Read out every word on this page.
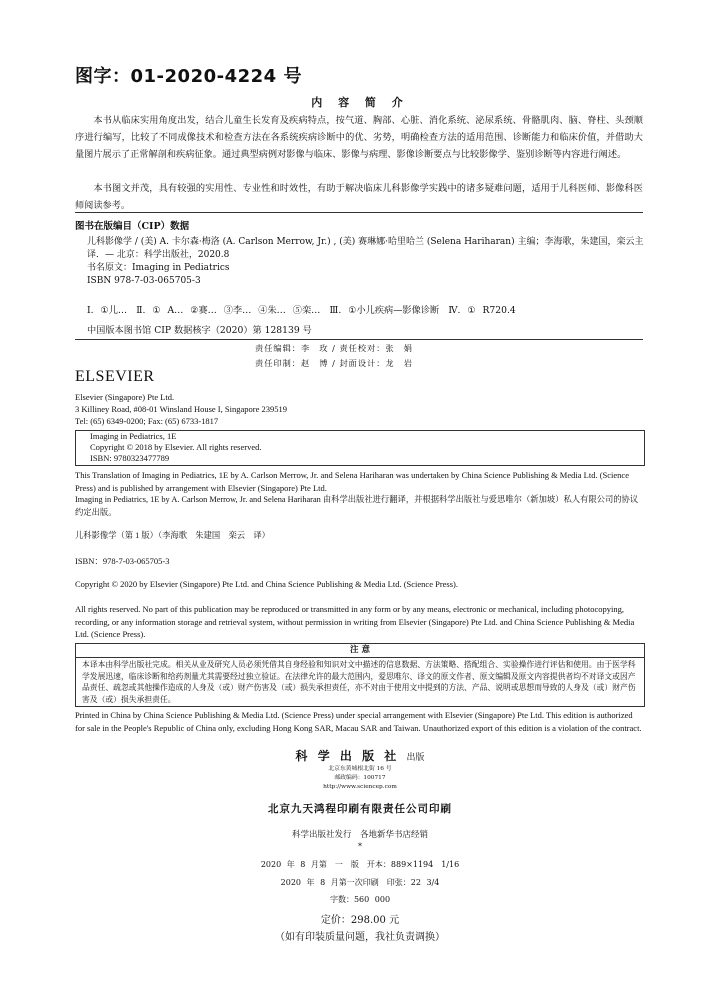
图字：01-2020-4224 号
内 容 简 介
本书从临床实用角度出发，结合儿童生长发育及疾病特点，按气道、胸部、心脏、消化系统、泌尿系统、骨骼肌肉、脑、脊柱、头颈顺序进行编写，比较了不同成像技术和检查方法在各系统疾病诊断中的优、劣势，明确检查方法的适用范围、诊断能力和临床价值，并借助大量图片展示了正常解剖和疾病征象。通过典型病例对影像与临床、影像与病理、影像诊断要点与比较影像学、鉴别诊断等内容进行阐述。
本书图文并茂，具有较强的实用性、专业性和时效性，有助于解决临床儿科影像学实践中的诸多疑难问题，适用于儿科医师、影像科医师阅读参考。
图书在版编目（CIP）数据
儿科影像学 / (美) A. 卡尔森·梅洛 (A. Carlson Merrow, Jr.) , (美) 赛琳娜·哈里哈兰 (Selena Hariharan) 主编；李海歌，朱建国，栾云主译．— 北京：科学出版社，2020.8
书名原文：Imaging in Pediatrics
ISBN 978-7-03-065705-3
Ⅰ. ①儿…　Ⅱ. ① A… ②赛… ③李… ④朱… ⑤栾…　Ⅲ. ①小儿疾病—影像诊断　Ⅳ. ① R720.4
中国版本图书馆 CIP 数据核字（2020）第 128139 号
责任编辑：李　玫 / 责任校对：张　娟
责任印制：赵　博 / 封面设计：龙　岩
ELSEVIER
Elsevier (Singapore) Pte Ltd.
3 Killiney Road, #08-01 Winsland House I, Singapore 239519
Tel: (65) 6349-0200; Fax: (65) 6733-1817
Imaging in Pediatrics, 1E
Copyright © 2018 by Elsevier. All rights reserved.
ISBN: 9780323477789
This Translation of Imaging in Pediatrics, 1E by A. Carlson Merrow, Jr. and Selena Hariharan was undertaken by China Science Publishing & Media Ltd. (Science Press) and is published by arrangement with Elsevier (Singapore) Pte Ltd.
Imaging in Pediatrics, 1E by A. Carlson Merrow, Jr. and Selena Hariharan 由科学出版社进行翻译，并根据科学出版社与爱思唯尔（新加坡）私人有限公司的协议约定出版。
儿科影像学（第 1 版）（李海歌　朱建国　栾云　译）
ISBN：978-7-03-065705-3
Copyright © 2020 by Elsevier (Singapore) Pte Ltd. and China Science Publishing & Media Ltd. (Science Press).
All rights reserved. No part of this publication may be reproduced or transmitted in any form or by any means, electronic or mechanical, including photocopying, recording, or any information storage and retrieval system, without permission in writing from Elsevier (Singapore) Pte Ltd. and China Science Publishing & Media Ltd. (Science Press).
注 意
本译本由科学出版社完成。相关从业及研究人员必须凭借其自身经验和知识对文中描述的信息数据、方法策略、搭配组合、实验操作进行评估和使用。由于医学科学发展迅速，临床诊断和给药剂量尤其需要经过独立验证。在法律允许的最大范围内，爱思唯尔、译文的原文作者、原文编辑及原文内容提供者均不对译文或因产品责任、疏忽或其他操作造成的人身及（或）财产伤害及（或）损失承担责任，亦不对由于使用文中提到的方法、产品、说明或思想而导致的人身及（或）财产伤害及（或）损失承担责任。
Printed in China by China Science Publishing & Media Ltd. (Science Press) under special arrangement with Elsevier (Singapore) Pte Ltd. This edition is authorized for sale in the People's Republic of China only, excluding Hong Kong SAR, Macau SAR and Taiwan. Unauthorized export of this edition is a violation of the contract.
科 学 出 版 社 出版
北京东黄城根北街 16 号
邮政编码：100717
http://www.sciencep.com
北京九天鸿程印刷有限责任公司印刷
科学出版社发行　各地新华书店经销
*
2020 年 8 月第　一　版　开本：889×1194　1/16
2020 年 8 月第一次印刷　印张：22 3/4
字数：560 000
定价：298.00 元
（如有印装质量问题，我社负责调换）
